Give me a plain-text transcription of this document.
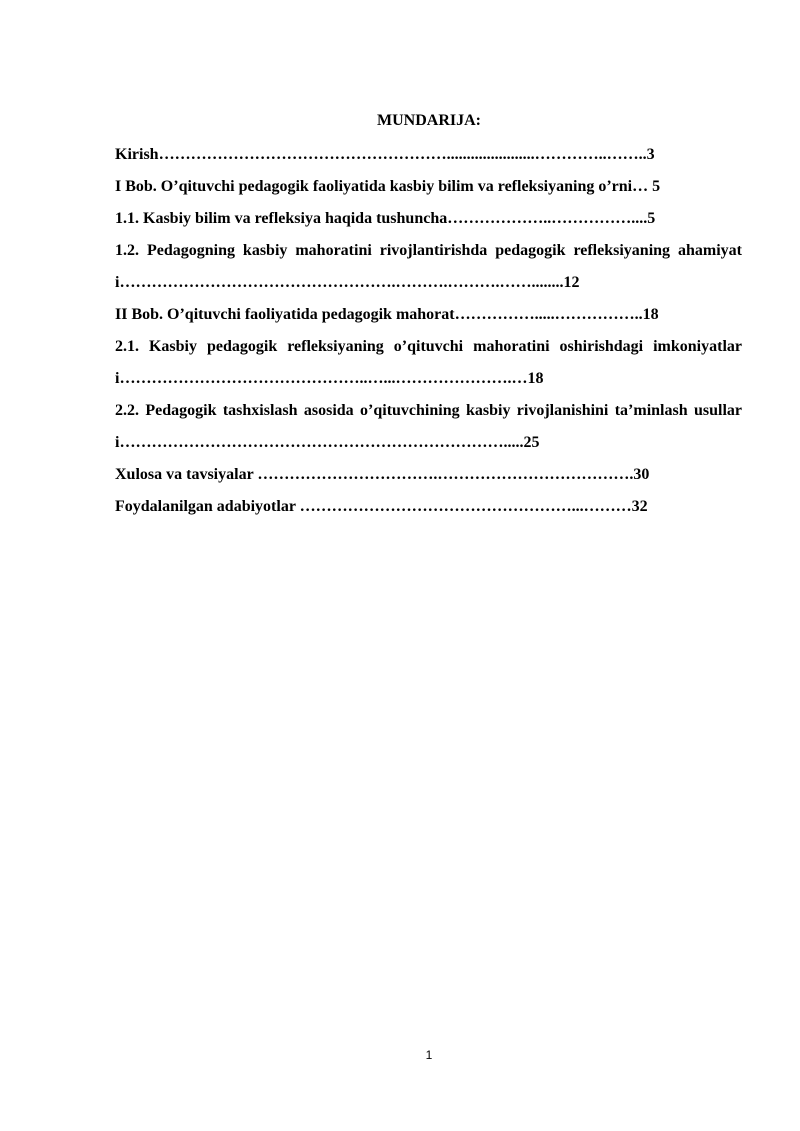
MUNDARIJA:

Kirish………………………………………………......................…………..……..3

I Bob. O’qituvchi pedagogik faoliyatida kasbiy bilim va refleksiyaning o’rni… 5

1.1. Kasbiy bilim va refleksiya haqida tushuncha………………..……………....5

1.2. Pedagogning kasbiy mahoratini rivojlantirishda pedagogik refleksiyaning ahamiyati…………………………………………….……….……….……........12

II Bob. O’qituvchi faoliyatida pedagogik mahorat…………….....……………..18

2.1. Kasbiy pedagogik refleksiyaning o’qituvchi mahoratini oshirishdagi imkoniyatlari………………………………………..…...………………….…18

2.2. Pedagogik tashxislash asosida o’qituvchining kasbiy rivojlanishini ta’minlash usullari……………………………………………………………….....25

Xulosa va tavsiyalar …………………………….……………………………….30

Foydalanilgan adabiyotlar ……………………………………………...………32

1
